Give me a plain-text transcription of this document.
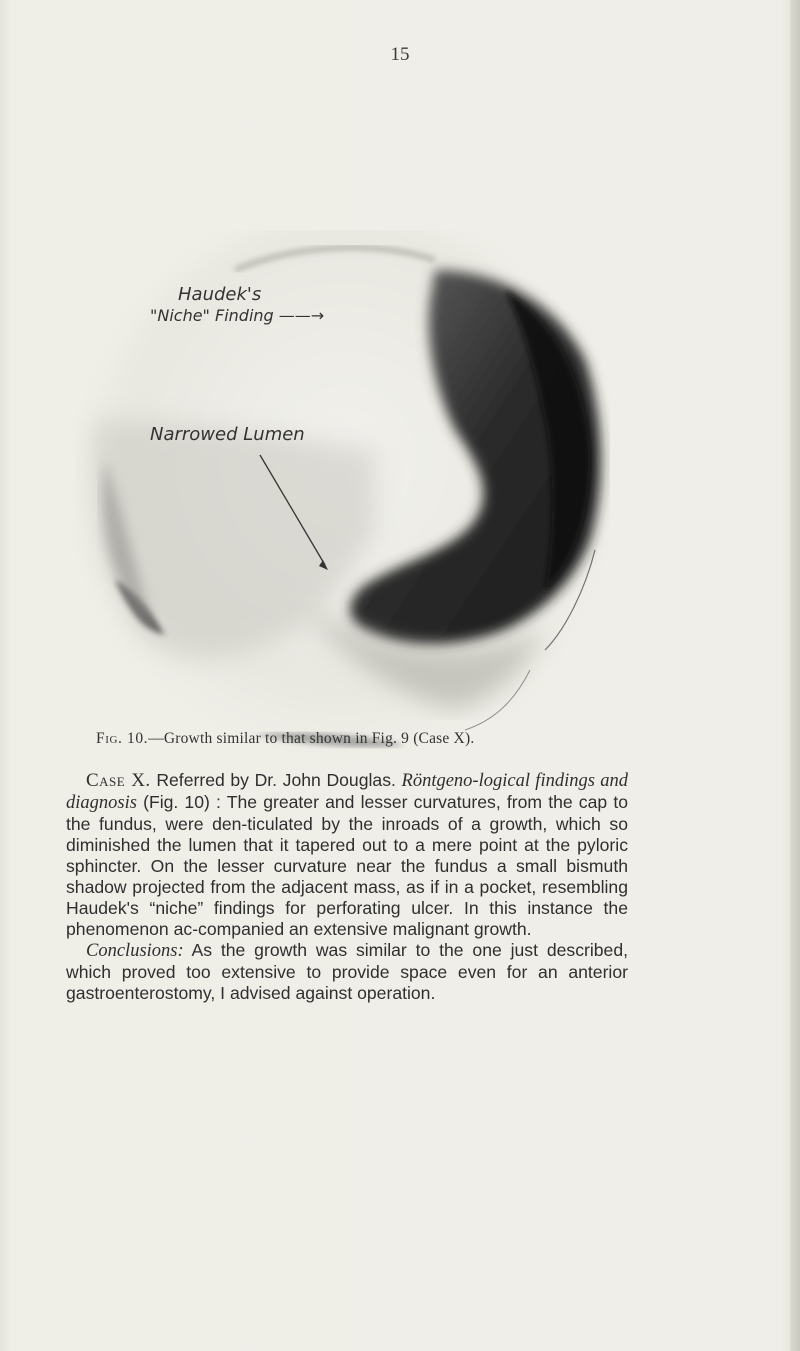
15
Haudek's
"Niche" Finding ——→
Narrowed Lumen
Fig. 10.—Growth similar to that shown in Fig. 9 (Case X).

Case X. Referred by Dr. John Douglas. Röntgeno-logical findings and diagnosis (Fig. 10) : The greater and lesser curvatures, from the cap to the fundus, were den-ticulated by the inroads of a growth, which so diminished the lumen that it tapered out to a mere point at the pyloric sphincter. On the lesser curvature near the fundus a small bismuth shadow projected from the adjacent mass, as if in a pocket, resembling Haudek's “niche” findings for perforating ulcer. In this instance the phenomenon ac-companied an extensive malignant growth.

Conclusions: As the growth was similar to the one just described, which proved too extensive to provide space even for an anterior gastroenterostomy, I advised against operation.
